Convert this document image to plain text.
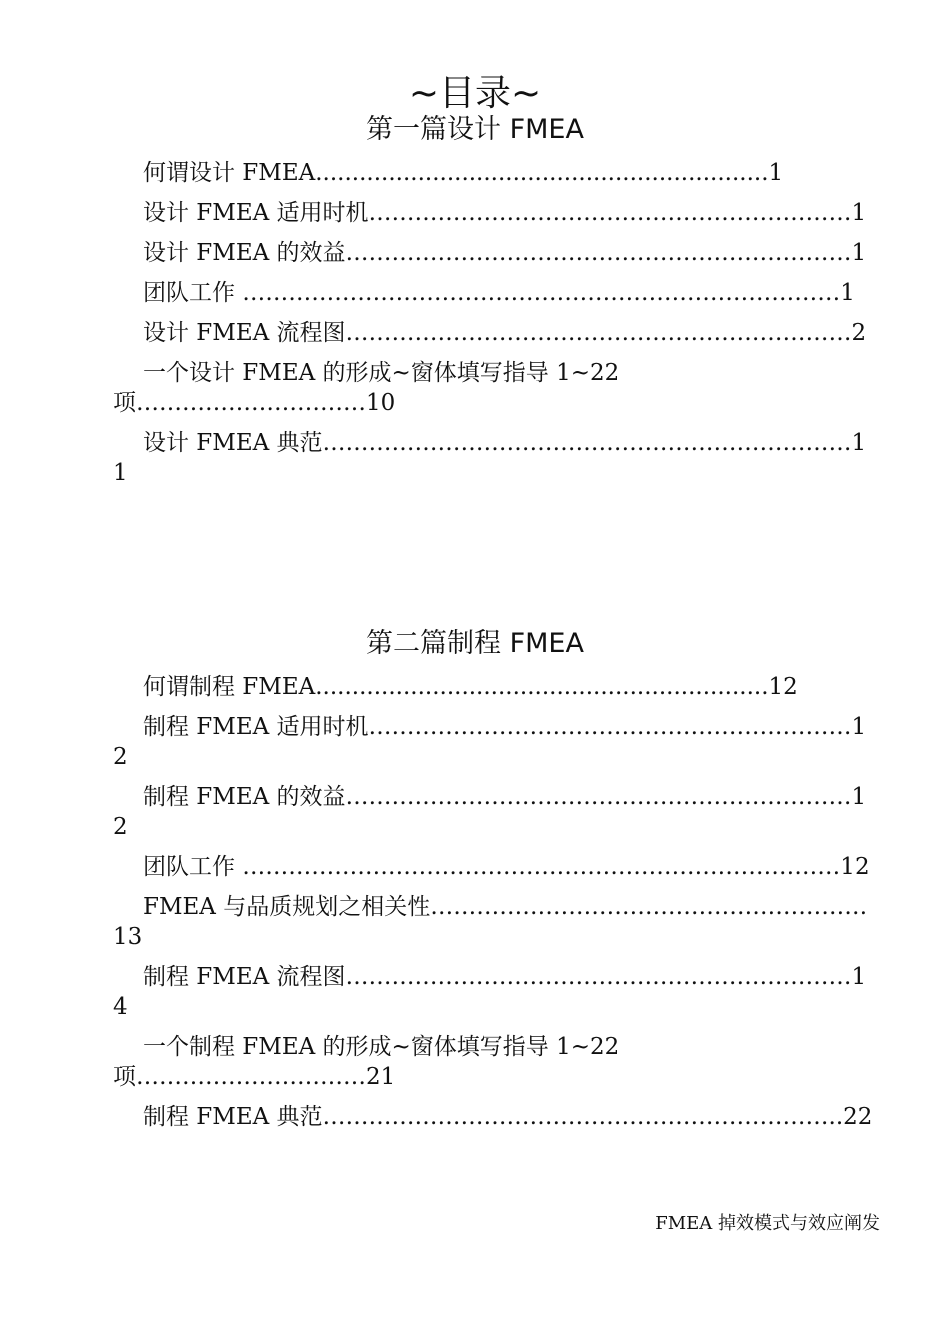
~目录~
第一篇设计 FMEA
何谓设计 FMEA..............................................................1
设计 FMEA 适用时机………………………………………………………1
设计 FMEA 的效益…………………………………………………………1
团队工作 ……………………………………………………………………1
设计 FMEA 流程图…………………………………………………………2
一个设计 FMEA 的形成~窗体填写指导 1~22 项…………………………10
设计 FMEA 典范……………………………………………………………11
第二篇制程 FMEA
何谓制程 FMEA..............................................................12
制程 FMEA 适用时机………………………………………………………12
制程 FMEA 的效益…………………………………………………………12
团队工作 ……………………………………………………………………12
FMEA 与品质规划之相关性…………………………………………………13
制程 FMEA 流程图…………………………………………………………14
一个制程 FMEA 的形成~窗体填写指导 1~22 项…………………………21
制程 FMEA 典范…………………………………………………………..22
FMEA 掉效模式与效应阐发
